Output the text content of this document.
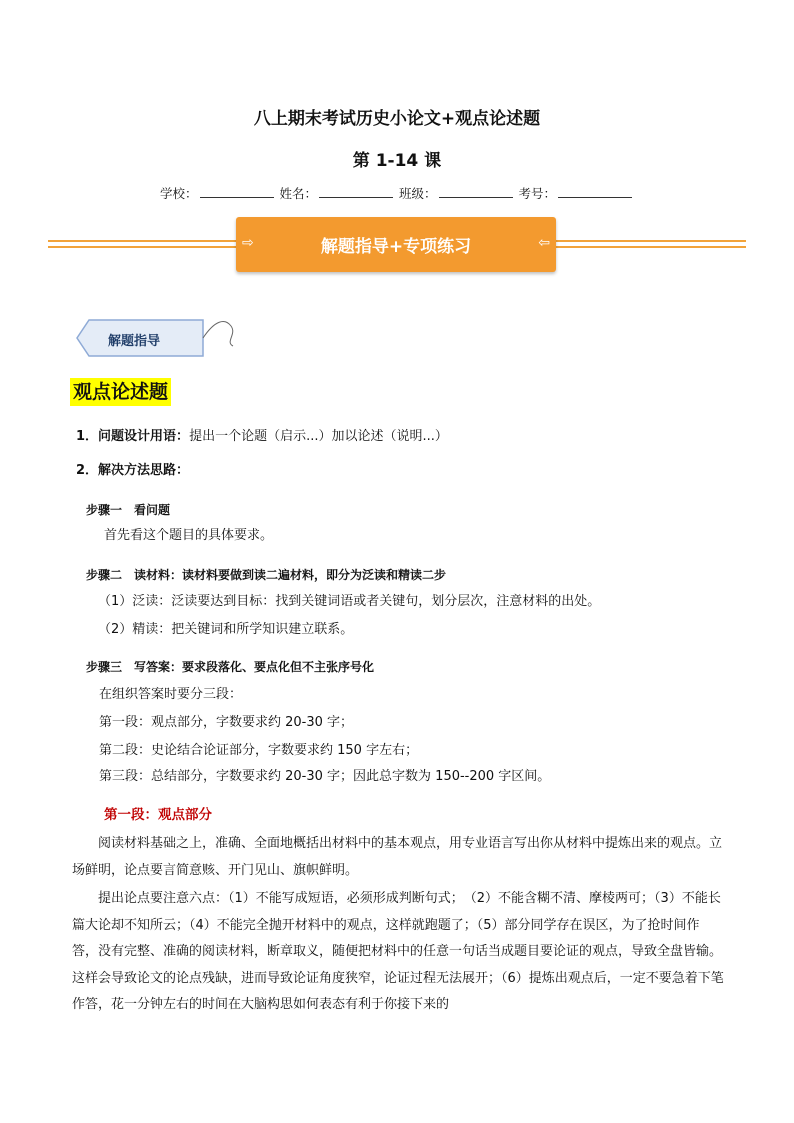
八上期末考试历史小论文+观点论述题
第 1-14 课
学校：	姓名：	班级：	考号：
⇨	解题指导+专项练习	⇦
解题指导
观点论述题
1．问题设计用语：提出一个论题（启示...）加以论述（说明...）
2．解决方法思路：
步骤一　看问题
首先看这个题目的具体要求。
步骤二　读材料：读材料要做到读二遍材料，即分为泛读和精读二步
（1）泛读：泛读要达到目标：找到关键词语或者关键句，划分层次，注意材料的出处。
（2）精读：把关键词和所学知识建立联系。
步骤三　写答案：要求段落化、要点化但不主张序号化
在组织答案时要分三段：
第一段：观点部分，字数要求约 20-30 字；
第二段：史论结合论证部分，字数要求约 150 字左右；
第三段：总结部分，字数要求约 20-30 字；因此总字数为 150--200 字区间。
第一段：观点部分
阅读材料基础之上，准确、全面地概括出材料中的基本观点，用专业语言写出你从材料中提炼出来的观点。立场鲜明，论点要言简意赅、开门见山、旗帜鲜明。
提出论点要注意六点：（1）不能写成短语，必须形成判断句式；　（2）不能含糊不清、摩棱两可；（3）不能长篇大论却不知所云；（4）不能完全抛开材料中的观点，这样就跑题了；（5）部分同学存在误区，为了抢时间作答，没有完整、准确的阅读材料，断章取义，随便把材料中的任意一句话当成题目要论证的观点，导致全盘皆输。这样会导致论文的论点残缺，进而导致论证角度狭窄，论证过程无法展开；（6）提炼出观点后，一定不要急着下笔作答，花一分钟左右的时间在大脑构思如何表态有利于你接下来的
